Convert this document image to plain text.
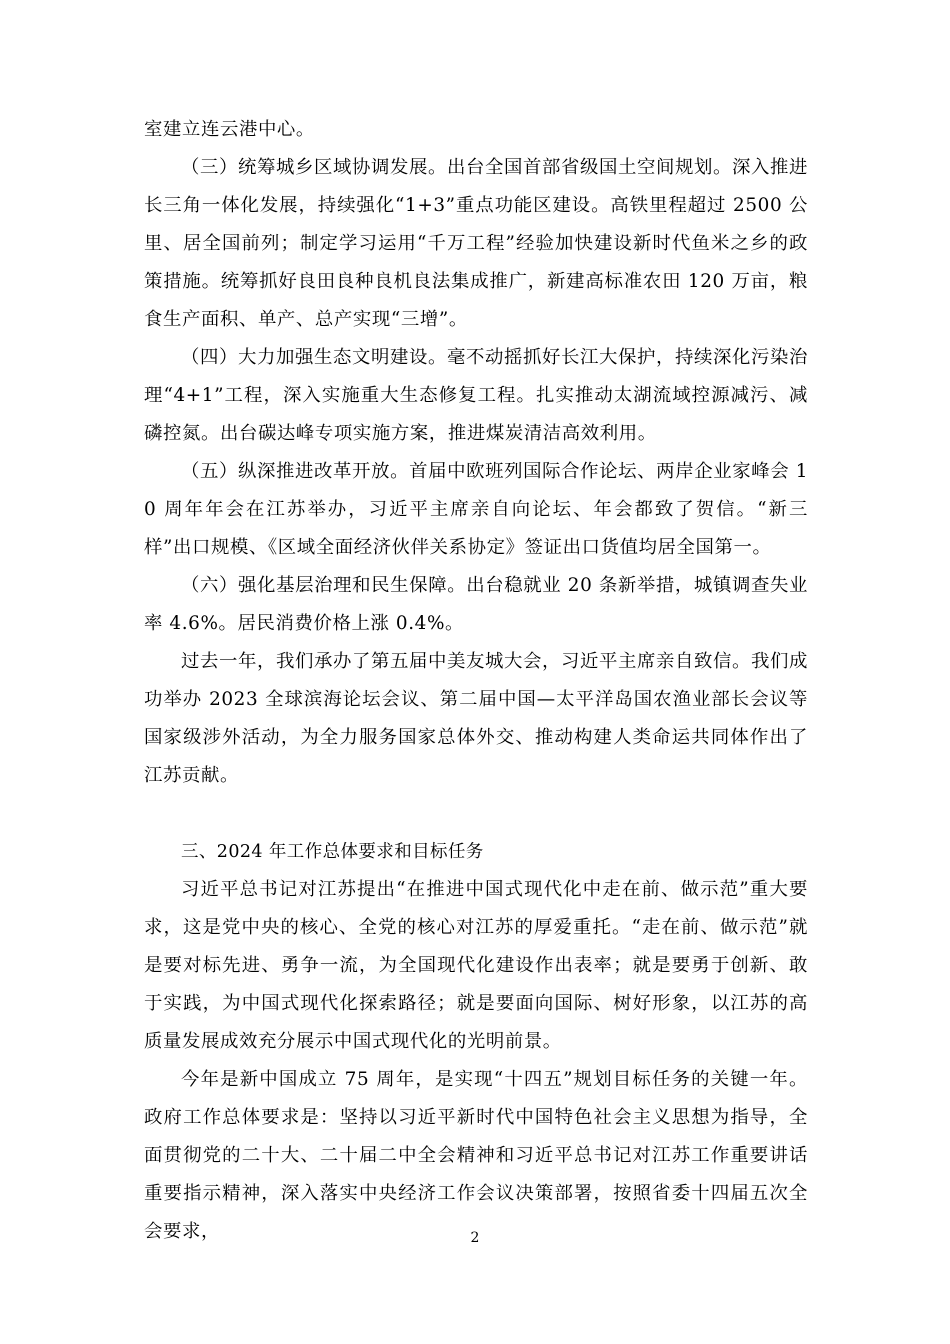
室建立连云港中心。

（三）统筹城乡区域协调发展。出台全国首部省级国土空间规划。深入推进长三角一体化发展，持续强化“1+3”重点功能区建设。高铁里程超过 2500 公里、居全国前列；制定学习运用“千万工程”经验加快建设新时代鱼米之乡的政策措施。统筹抓好良田良种良机良法集成推广，新建高标准农田 120 万亩，粮食生产面积、单产、总产实现“三增”。

（四）大力加强生态文明建设。毫不动摇抓好长江大保护，持续深化污染治理“4+1”工程，深入实施重大生态修复工程。扎实推动太湖流域控源减污、减磷控氮。出台碳达峰专项实施方案，推进煤炭清洁高效利用。

（五）纵深推进改革开放。首届中欧班列国际合作论坛、两岸企业家峰会 10 周年年会在江苏举办，习近平主席亲自向论坛、年会都致了贺信。“新三样”出口规模、《区域全面经济伙伴关系协定》签证出口货值均居全国第一。

（六）强化基层治理和民生保障。出台稳就业 20 条新举措，城镇调查失业率 4.6%。居民消费价格上涨 0.4%。

过去一年，我们承办了第五届中美友城大会，习近平主席亲自致信。我们成功举办 2023 全球滨海论坛会议、第二届中国—太平洋岛国农渔业部长会议等国家级涉外活动，为全力服务国家总体外交、推动构建人类命运共同体作出了江苏贡献。

三、2024 年工作总体要求和目标任务

习近平总书记对江苏提出“在推进中国式现代化中走在前、做示范”重大要求，这是党中央的核心、全党的核心对江苏的厚爱重托。“走在前、做示范”就是要对标先进、勇争一流，为全国现代化建设作出表率；就是要勇于创新、敢于实践，为中国式现代化探索路径；就是要面向国际、树好形象，以江苏的高质量发展成效充分展示中国式现代化的光明前景。

今年是新中国成立 75 周年，是实现“十四五”规划目标任务的关键一年。政府工作总体要求是：坚持以习近平新时代中国特色社会主义思想为指导，全面贯彻党的二十大、二十届二中全会精神和习近平总书记对江苏工作重要讲话重要指示精神，深入落实中央经济工作会议决策部署，按照省委十四届五次全会要求，	2
